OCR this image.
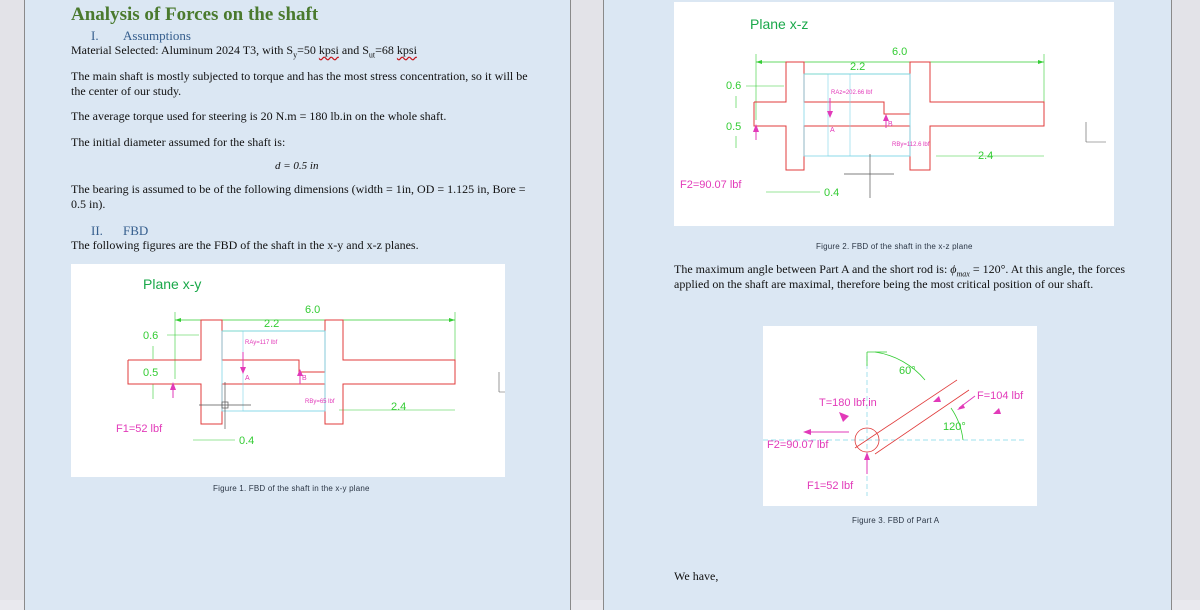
Analysis of Forces on the shaft
I. Assumptions
Material Selected: Aluminum 2024 T3, with $S_y=50$ kpsi and $S_{ut}=68$ kpsi
The main shaft is mostly subjected to torque and has the most stress concentration, so it will be
the center of our study.
The average torque used for steering is 20 N.m = 180 lb.in on the whole shaft.
The initial diameter assumed for the shaft is:
d = 0.5 in
The bearing is assumed to be of the following dimensions (width = 1in, OD = 1.125 in, Bore =
0.5 in).
II. FBD
The following figures are the FBD of the shaft in the x-y and x-z planes.
Plane x-y
6.0
2.2
0.6
0.5
2.4
0.4
RAy=117 lbf
A	B
RBy=65 lbf
F1=52 lbf
Figure 1. FBD of the shaft in the x-y plane
Plane x-z
6.0
2.2
0.6
0.5
2.4
0.4
RAz=202.66 lbf
A
B
RBy=112.6 lbf
F2=90.07 lbf
Figure 2. FBD of the shaft in the x-z plane
The maximum angle between Part A and the short rod is: $\phi_{max} = 120^\circ$. At this angle, the forces
applied on the shaft are maximal, therefore being the most critical position of our shaft.
60°
120°
T=180 lbf.in
F=104 lbf
F2=90.07 lbf
F1=52 lbf
Figure 3. FBD of Part A
We have,
